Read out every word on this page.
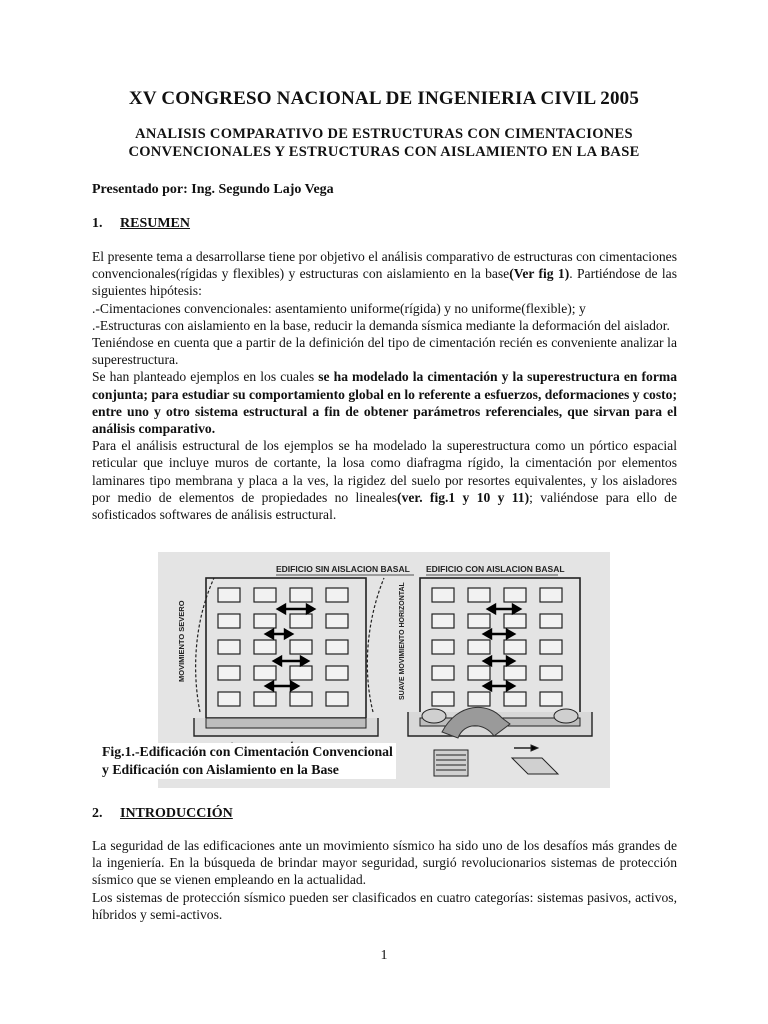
XV CONGRESO NACIONAL DE INGENIERIA CIVIL 2005
ANALISIS COMPARATIVO DE ESTRUCTURAS CON CIMENTACIONES
CONVENCIONALES Y ESTRUCTURAS CON AISLAMIENTO EN LA BASE
Presentado por: Ing. Segundo Lajo Vega
1. RESUMEN

El presente tema a desarrollarse tiene por objetivo el análisis comparativo de estructuras con cimentaciones convencionales(rígidas y flexibles) y estructuras con aislamiento en la base(Ver fig 1). Partiéndose de las siguientes hipótesis:

.-Cimentaciones convencionales: asentamiento uniforme(rígida) y no uniforme(flexible); y

.-Estructuras con aislamiento en la base, reducir la demanda sísmica mediante la deformación del aislador.

Teniéndose en cuenta que a partir de la definición del tipo de cimentación recién es conveniente analizar la superestructura.

Se han planteado ejemplos en los cuales se ha modelado la cimentación y la superestructura en forma conjunta; para estudiar su comportamiento global en lo referente a esfuerzos, deformaciones y costo; entre uno y otro sistema estructural a fin de obtener parámetros referenciales, que sirvan para el análisis comparativo.

Para el análisis estructural de los ejemplos se ha modelado la superestructura como un pórtico espacial reticular que incluye muros de cortante, la losa como diafragma rígido, la cimentación por elementos laminares tipo membrana y placa a la ves, la rigidez del suelo por resortes equivalentes, y los aisladores por medio de elementos de propiedades no lineales(ver. fig.1 y 10 y 11); valiéndose para ello de sofisticados softwares de análisis estructural.

EDIFICIO SIN AISLACION BASAL
MOVIMIENTO SEVERO
EDIFICIO CON AISLACION BASAL
SUAVE MOVIMIENTO HORIZONTAL
Fig.1.-Edificación con Cimentación Convencional
y Edificación con Aislamiento en la Base
2. INTRODUCCIÓN

La seguridad de las edificaciones ante un movimiento sísmico ha sido uno de los desafíos más grandes de la ingeniería. En la búsqueda de brindar mayor seguridad, surgió revolucionarios sistemas de protección sísmico que se vienen empleando en la actualidad.

Los sistemas de protección sísmico pueden ser clasificados en cuatro categorías: sistemas pasivos, activos, híbridos y semi-activos.

1
